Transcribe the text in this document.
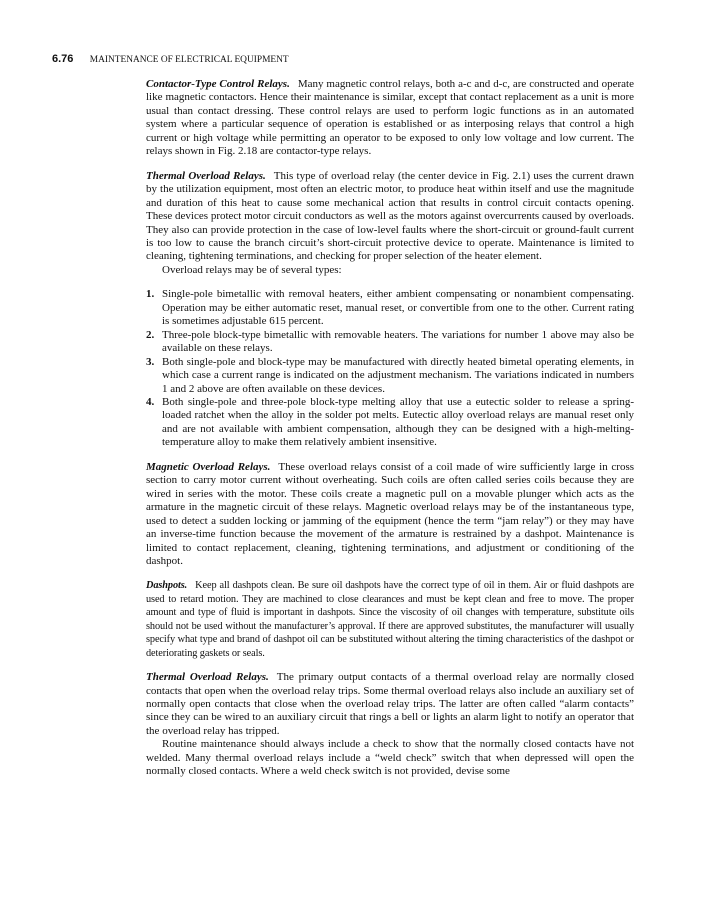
6.76 MAINTENANCE OF ELECTRICAL EQUIPMENT

Contactor-Type Control Relays. Many magnetic control relays, both a-c and d-c, are constructed and operate like magnetic contactors. Hence their maintenance is similar, except that contact replacement as a unit is more usual than contact dressing. These control relays are used to perform logic functions as in an automated system where a particular sequence of operation is established or as interposing relays that control a high current or high voltage while permitting an operator to be exposed to only low voltage and low current. The relays shown in Fig. 2.18 are contactor-type relays.

Thermal Overload Relays. This type of overload relay (the center device in Fig. 2.1) uses the current drawn by the utilization equipment, most often an electric motor, to produce heat within itself and use the magnitude and duration of this heat to cause some mechanical action that results in control circuit contacts opening. These devices protect motor circuit conductors as well as the motors against overcurrents caused by overloads. They also can provide protection in the case of low-level faults where the short-circuit or ground-fault current is too low to cause the branch circuit’s short-circuit protective device to operate. Maintenance is limited to cleaning, tightening terminations, and checking for proper selection of the heater element.

Overload relays may be of several types:

1. Single-pole bimetallic with removal heaters, either ambient compensating or nonambient compensating. Operation may be either automatic reset, manual reset, or convertible from one to the other. Current rating is sometimes adjustable 615 percent.
2. Three-pole block-type bimetallic with removable heaters. The variations for number 1 above may also be available on these relays.
3. Both single-pole and block-type may be manufactured with directly heated bimetal operating elements, in which case a current range is indicated on the adjustment mechanism. The variations indicated in numbers 1 and 2 above are often available on these devices.
4. Both single-pole and three-pole block-type melting alloy that use a eutectic solder to release a spring-loaded ratchet when the alloy in the solder pot melts. Eutectic alloy overload relays are manual reset only and are not available with ambient compensation, although they can be designed with a high-melting-temperature alloy to make them relatively ambient insensitive.

Magnetic Overload Relays. These overload relays consist of a coil made of wire sufficiently large in cross section to carry motor current without overheating. Such coils are often called series coils because they are wired in series with the motor. These coils create a magnetic pull on a movable plunger which acts as the armature in the magnetic circuit of these relays. Magnetic overload relays may be of the instantaneous type, used to detect a sudden locking or jamming of the equipment (hence the term “jam relay”) or they may have an inverse-time function because the movement of the armature is restrained by a dashpot. Maintenance is limited to contact replacement, cleaning, tightening terminations, and adjustment or conditioning of the dashpot.

Dashpots. Keep all dashpots clean. Be sure oil dashpots have the correct type of oil in them. Air or fluid dashpots are used to retard motion. They are machined to close clearances and must be kept clean and free to move. The proper amount and type of fluid is important in dashpots. Since the viscosity of oil changes with temperature, substitute oils should not be used without the manufacturer’s approval. If there are approved substitutes, the manufacturer will usually specify what type and brand of dashpot oil can be substituted without altering the timing characteristics of the dashpot or deteriorating gaskets or seals.

Thermal Overload Relays. The primary output contacts of a thermal overload relay are normally closed contacts that open when the overload relay trips. Some thermal overload relays also include an auxiliary set of normally open contacts that close when the overload relay trips. The latter are often called “alarm contacts” since they can be wired to an auxiliary circuit that rings a bell or lights an alarm light to notify an operator that the overload relay has tripped.

Routine maintenance should always include a check to show that the normally closed contacts have not welded. Many thermal overload relays include a “weld check” switch that when depressed will open the normally closed contacts. Where a weld check switch is not provided, devise some
